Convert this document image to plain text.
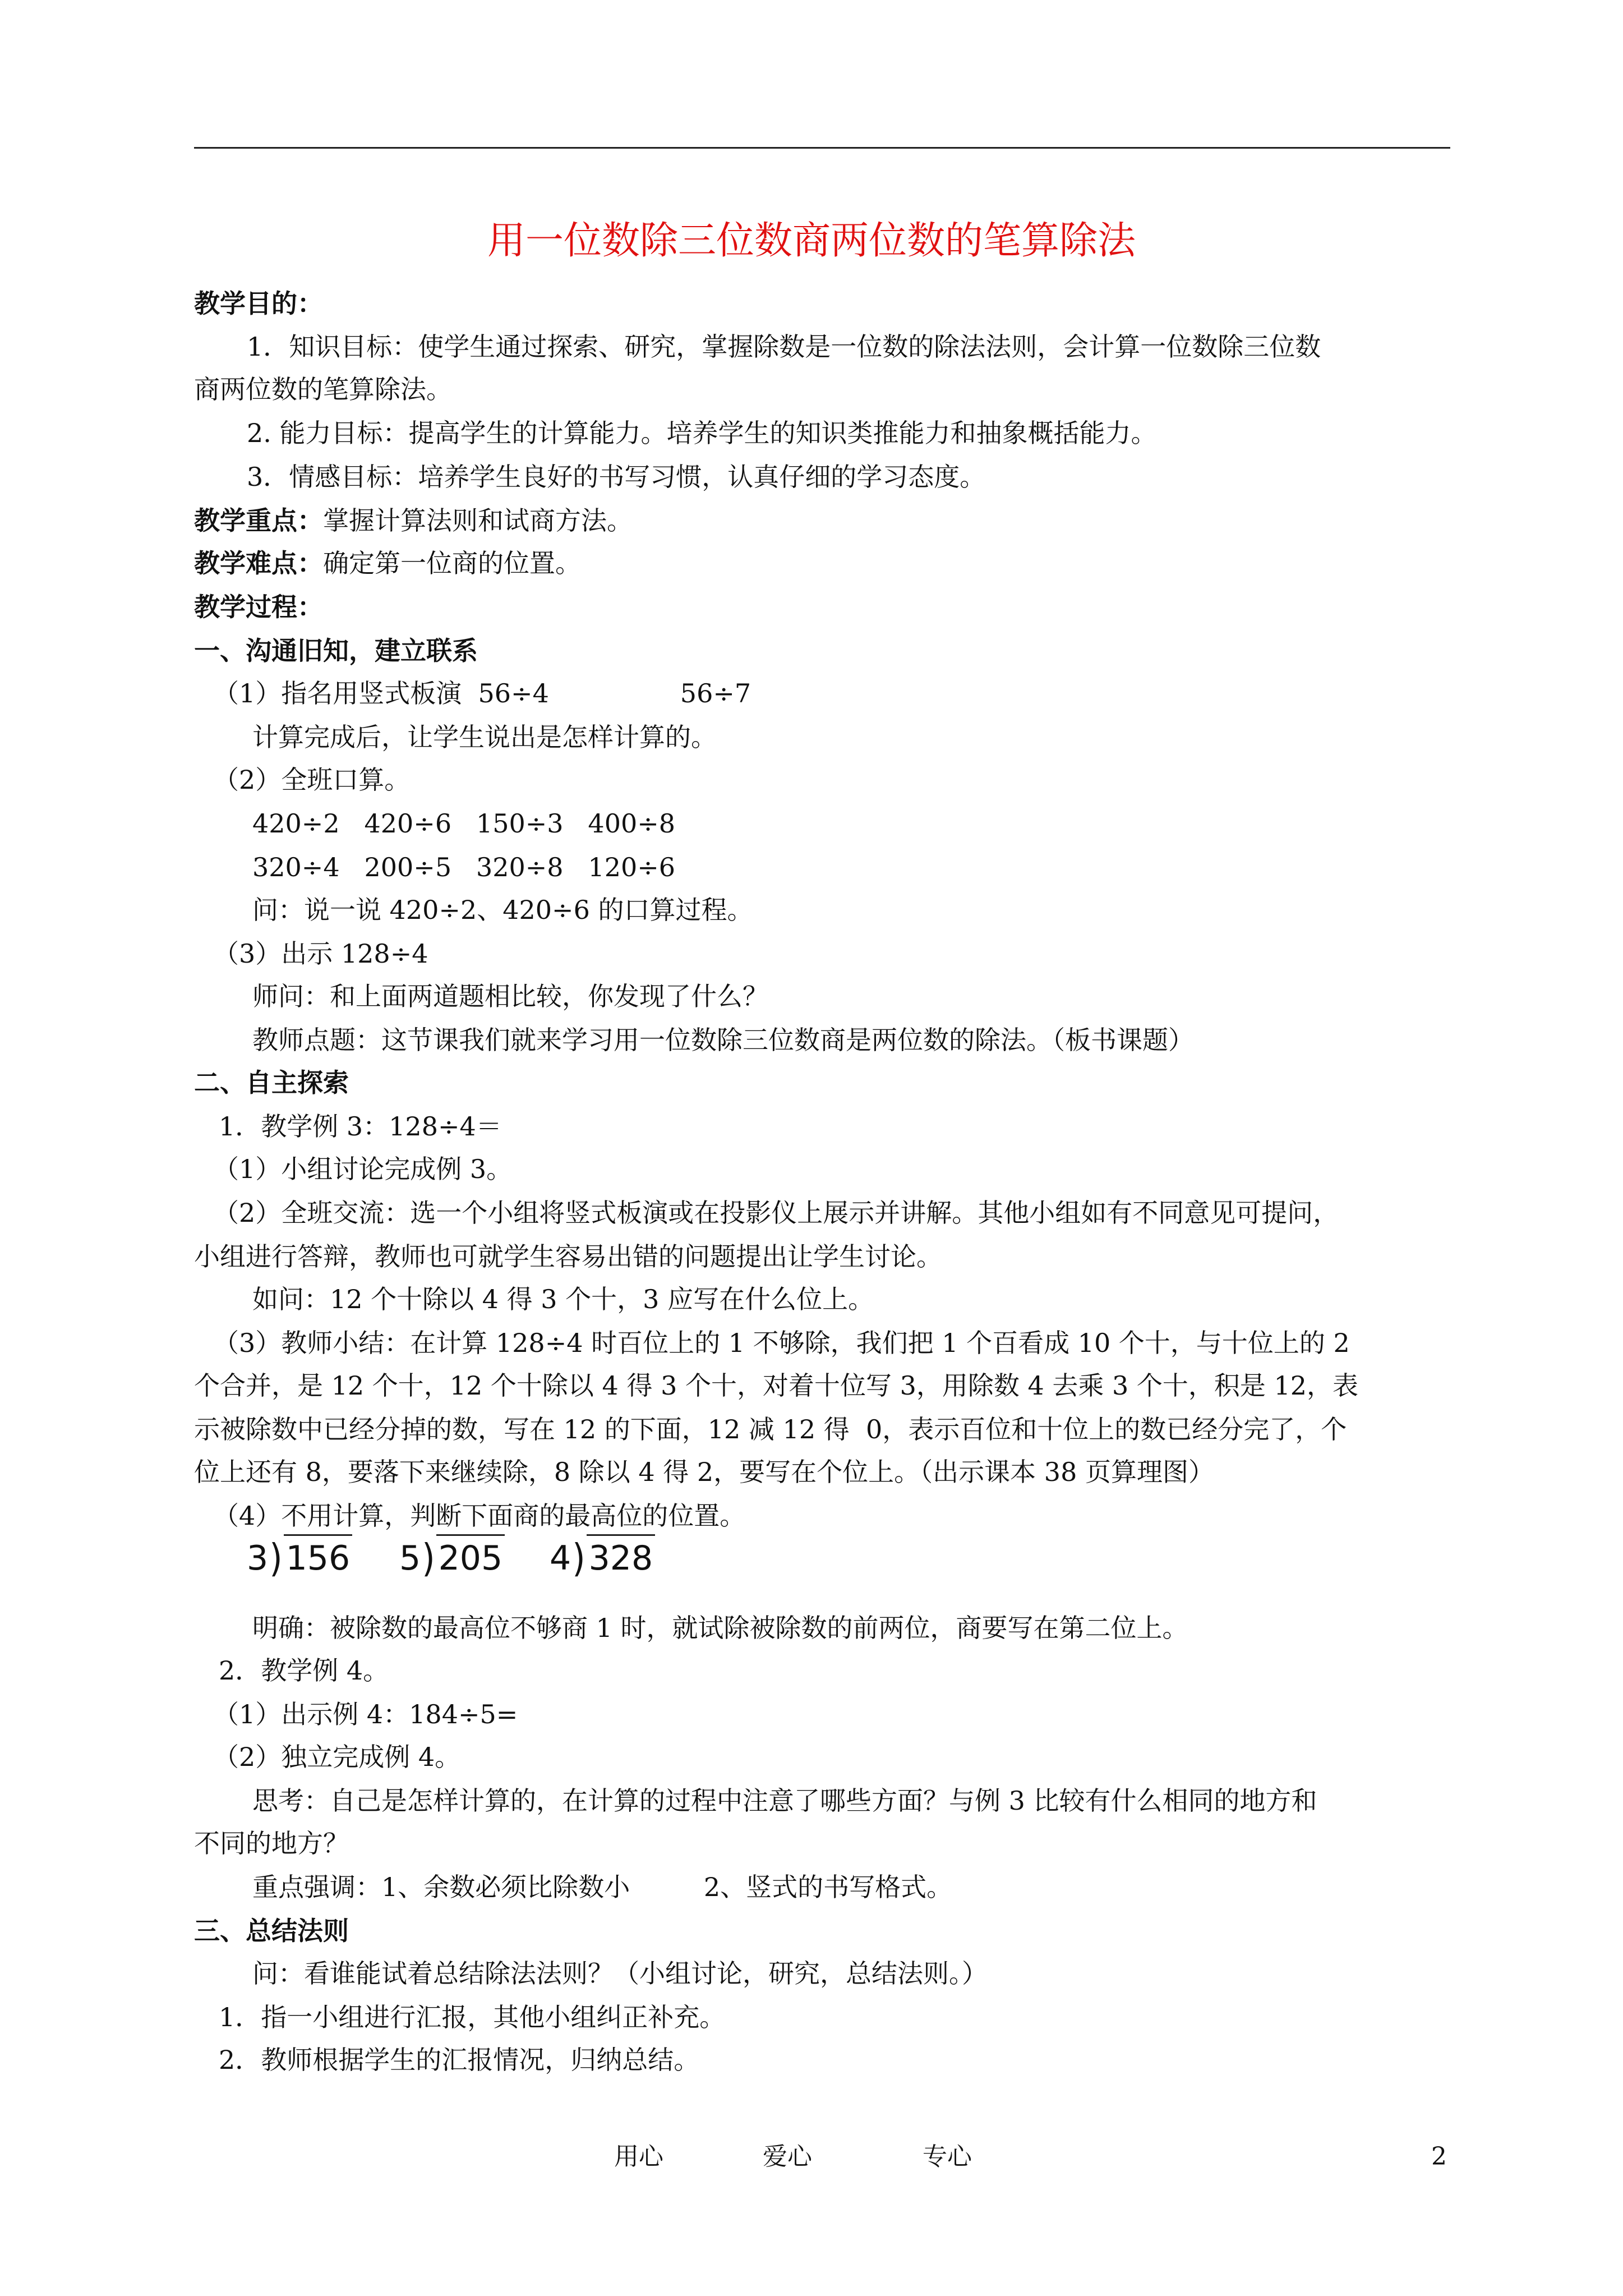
用一位数除三位数商两位数的笔算除法
教学目的：
1．知识目标：使学生通过探索、研究，掌握除数是一位数的除法法则，会计算一位数除三位数
商两位数的笔算除法。
2. 能力目标：提高学生的计算能力。培养学生的知识类推能力和抽象概括能力。
3．情感目标：培养学生良好的书写习惯，认真仔细的学习态度。
教学重点：掌握计算法则和试商方法。
教学难点：确定第一位商的位置。
教学过程：
一、沟通旧知，建立联系
（1）指名用竖式板演  56÷4                56÷7
计算完成后，让学生说出是怎样计算的。
（2）全班口算。
420÷2   420÷6   150÷3   400÷8
320÷4   200÷5   320÷8   120÷6
问：说一说 420÷2、420÷6 的口算过程。
（3）出示 128÷4
师问：和上面两道题相比较，你发现了什么？
教师点题：这节课我们就来学习用一位数除三位数商是两位数的除法。（板书课题）
二、自主探索
1．教学例 3：128÷4＝
（1）小组讨论完成例 3。
（2）全班交流：选一个小组将竖式板演或在投影仪上展示并讲解。其他小组如有不同意见可提问，
小组进行答辩，教师也可就学生容易出错的问题提出让学生讨论。
如问：12 个十除以 4 得 3 个十，3 应写在什么位上。
（3）教师小结：在计算 128÷4 时百位上的 1 不够除，我们把 1 个百看成 10 个十，与十位上的 2
个合并，是 12 个十，12 个十除以 4 得 3 个十，对着十位写 3，用除数 4 去乘 3 个十，积是 12，表
示被除数中已经分掉的数，写在 12 的下面，12 减 12 得  0，表示百位和十位上的数已经分完了，个
位上还有 8，要落下来继续除，8 除以 4 得 2，要写在个位上。（出示课本 38 页算理图）
（4）不用计算，判断下面商的最高位的位置。
3) 156 5) 205 4) 328
明确：被除数的最高位不够商 1 时，就试除被除数的前两位，商要写在第二位上。
2．教学例 4。
（1）出示例 4：184÷5=
（2）独立完成例 4。
思考：自己是怎样计算的，在计算的过程中注意了哪些方面？与例 3 比较有什么相同的地方和
不同的地方？
重点强调：1、余数必须比除数小         2、竖式的书写格式。
三、总结法则
问：看谁能试着总结除法法则？（小组讨论，研究，总结法则。）
1．指一小组进行汇报，其他小组纠正补充。
2．教师根据学生的汇报情况，归纳总结。
用心	爱心	专心	2
